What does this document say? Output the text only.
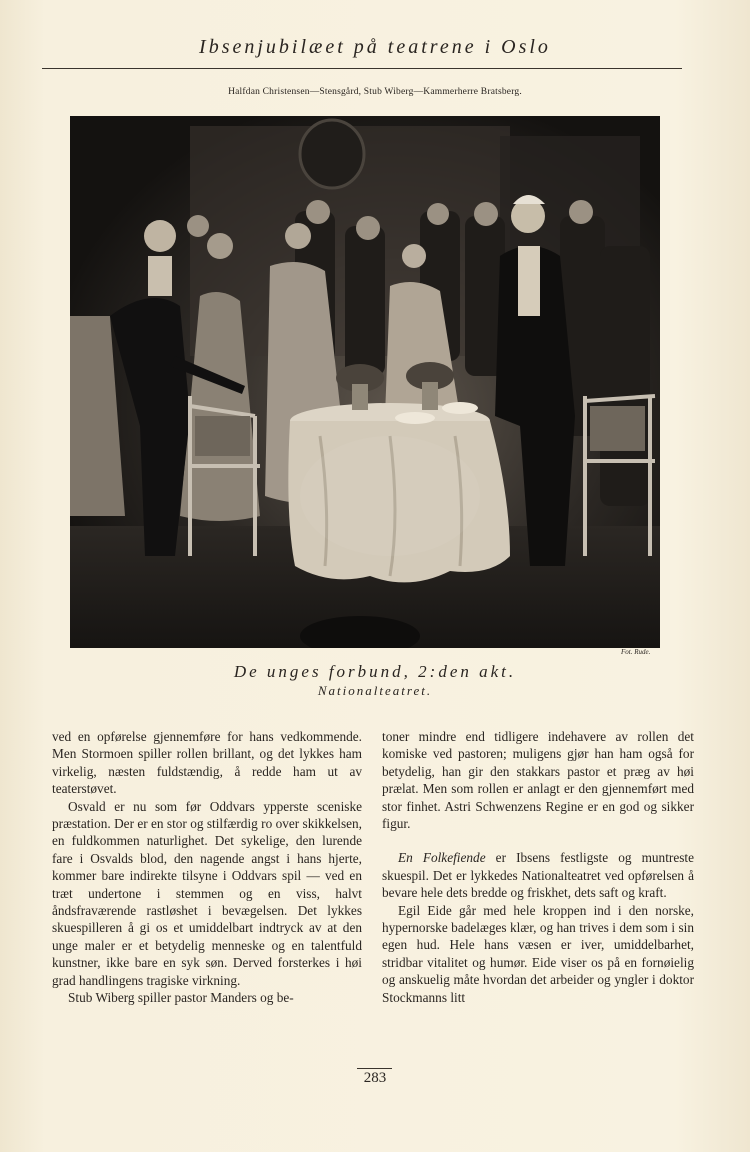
Ibsenjubilæet på teatrene i Oslo
Halfdan Christensen—Stensgård, Stub Wiberg—Kammerherre Bratsberg.
Fot. Rude.
De unges forbund, 2:den akt.
Nationalteatret.

ved en opførelse gjennemføre for hans vedkommende. Men Stormoen spiller rollen brillant, og det lykkes ham virkelig, næsten fuldstændig, å redde ham ut av teaterstøvet.

Osvald er nu som før Oddvars ypperste sceniske præstation. Der er en stor og stilfærdig ro over skikkelsen, en fuldkommen naturlighet. Det sykelige, den lurende fare i Osvalds blod, den nagende angst i hans hjerte, kommer bare indirekte tilsyne i Oddvars spil — ved en træt undertone i stemmen og en viss, halvt åndsfraværende rastløshet i bevægelsen. Det lykkes skuespilleren å gi os et umiddelbart indtryck av at den unge maler er et betydelig menneske og en talentfuld kunstner, ikke bare en syk søn. Derved forsterkes i høi grad handlingens tragiske virkning.

Stub Wiberg spiller pastor Manders og be-

toner mindre end tidligere indehavere av rollen det komiske ved pastoren; muligens gjør han ham også for betydelig, han gir den stakkars pastor et præg av høi prælat. Men som rollen er anlagt er den gjennemført med stor finhet. Astri Schwenzens Regine er en god og sikker figur.

En Folkefiende er Ibsens festligste og muntreste skuespil. Det er lykkedes Nationalteatret ved opførelsen å bevare hele dets bredde og friskhet, dets saft og kraft.

Egil Eide går med hele kroppen ind i den norske, hypernorske badelæges klær, og han trives i dem som i sin egen hud. Hele hans væsen er iver, umiddelbarhet, stridbar vitalitet og humør. Eide viser os på en fornøielig og anskuelig måte hvordan det arbeider og yngler i doktor Stockmanns litt

283
